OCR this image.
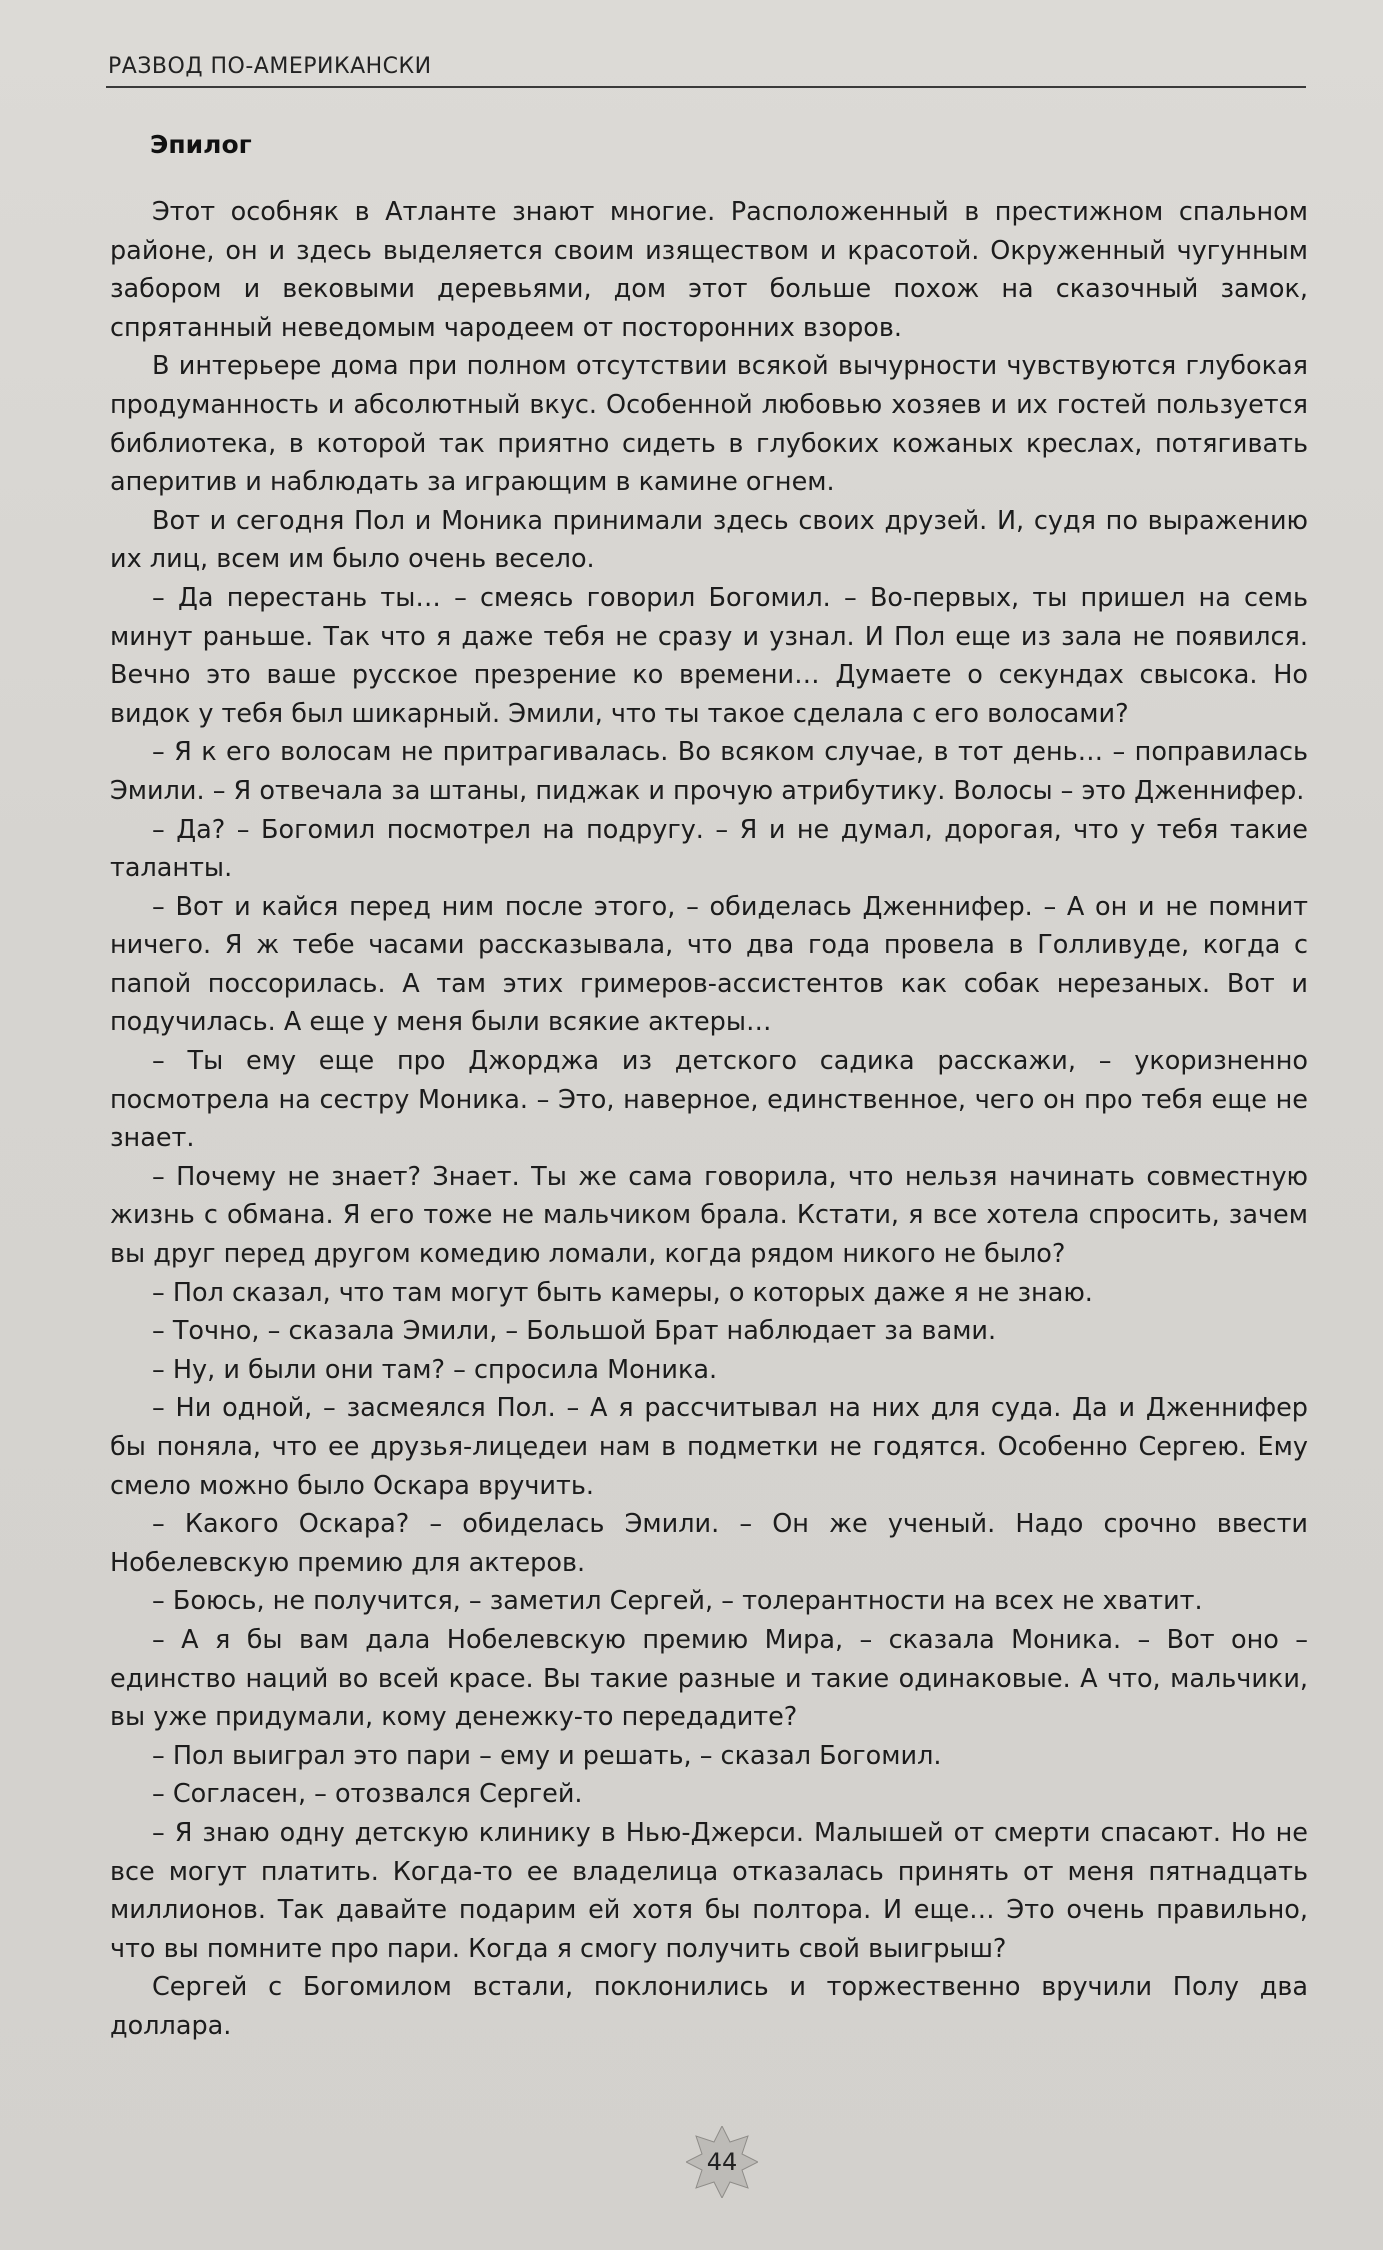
РАЗВОД ПО-АМЕРИКАНСКИ
Эпилог

Этот особняк в Атланте знают многие. Расположенный в престижном спальном районе, он и здесь выделяется своим изяществом и красотой. Окруженный чугунным забором и вековыми деревьями, дом этот больше похож на сказочный замок, спрятанный неведомым чародеем от посторонних взоров.

В интерьере дома при полном отсутствии всякой вычурности чувствуются глубокая продуманность и абсолютный вкус. Особенной любовью хозяев и их гостей пользуется библиотека, в которой так приятно сидеть в глубоких кожаных креслах, потягивать аперитив и наблюдать за играющим в камине огнем.

Вот и сегодня Пол и Моника принимали здесь своих друзей. И, судя по выражению их лиц, всем им было очень весело.

– Да перестань ты… – смеясь говорил Богомил. – Во-первых, ты пришел на семь минут раньше. Так что я даже тебя не сразу и узнал. И Пол еще из зала не появился. Вечно это ваше русское презрение ко времени… Думаете о секундах свысока. Но видок у тебя был шикарный. Эмили, что ты такое сделала с его волосами?

– Я к его волосам не притрагивалась. Во всяком случае, в тот день… – поправилась Эмили. – Я отвечала за штаны, пиджак и прочую атрибутику. Волосы – это Дженнифер.

– Да? – Богомил посмотрел на подругу. – Я и не думал, дорогая, что у тебя такие таланты.

– Вот и кайся перед ним после этого, – обиделась Дженнифер. – А он и не помнит ничего. Я ж тебе часами рассказывала, что два года провела в Голливуде, когда с папой поссорилась. А там этих гримеров-ассистентов как собак нерезаных. Вот и подучилась. А еще у меня были всякие актеры…

– Ты ему еще про Джорджа из детского садика расскажи, – укоризненно посмотрела на сестру Моника. – Это, наверное, единственное, чего он про тебя еще не знает.

– Почему не знает? Знает. Ты же сама говорила, что нельзя начинать совместную жизнь с обмана. Я его тоже не мальчиком брала. Кстати, я все хотела спросить, зачем вы друг перед другом комедию ломали, когда рядом никого не было?

– Пол сказал, что там могут быть камеры, о которых даже я не знаю.

– Точно, – сказала Эмили, – Большой Брат наблюдает за вами.

– Ну, и были они там? – спросила Моника.

– Ни одной, – засмеялся Пол. – А я рассчитывал на них для суда. Да и Дженнифер бы поняла, что ее друзья-лицедеи нам в подметки не годятся. Особенно Сергею. Ему смело можно было Оскара вручить.

– Какого Оскара? – обиделась Эмили. – Он же ученый. Надо срочно ввести Нобелевскую премию для актеров.

– Боюсь, не получится, – заметил Сергей, – толерантности на всех не хватит.

– А я бы вам дала Нобелевскую премию Мира, – сказала Моника. – Вот оно – единство наций во всей красе. Вы такие разные и такие одинаковые. А что, мальчики, вы уже придумали, кому денежку-то передадите?

– Пол выиграл это пари – ему и решать, – сказал Богомил.

– Согласен, – отозвался Сергей.

– Я знаю одну детскую клинику в Нью-Джерси. Малышей от смерти спасают. Но не все могут платить. Когда-то ее владелица отказалась принять от меня пятнадцать миллионов. Так давайте подарим ей хотя бы полтора. И еще… Это очень правильно, что вы помните про пари. Когда я смогу получить свой выигрыш?

Сергей с Богомилом встали, поклонились и торжественно вручили Полу два доллара.

44
